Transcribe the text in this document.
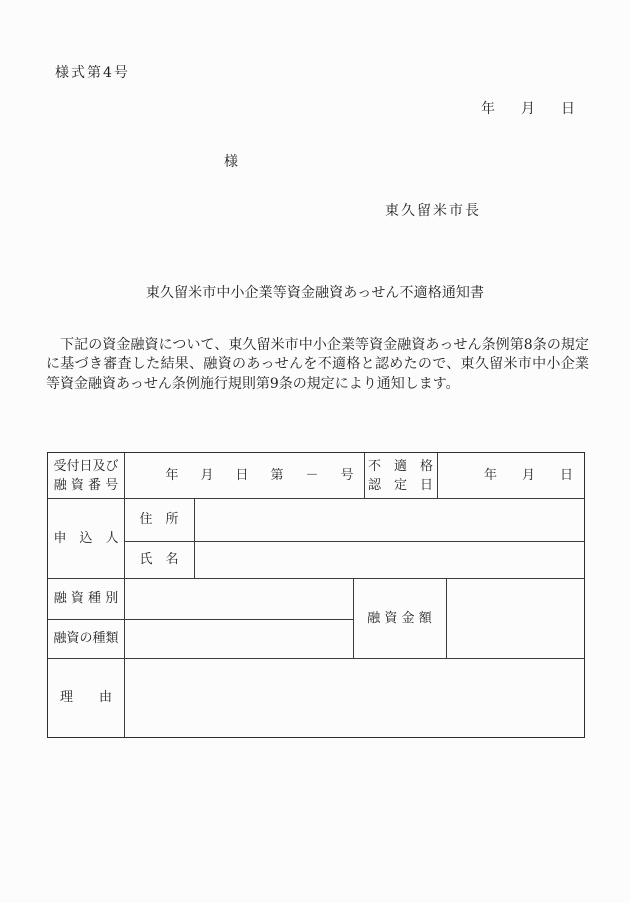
様式第4号
年　月　日
様
東久留米市長
東久留米市中小企業等資金融資あっせん不適格通知書
　下記の資金融資について、東久留米市中小企業等資金融資あっせん条例第8条の規定に基づき審査した結果、融資のあっせんを不適格と認めたので、東久留米市中小企業等資金融資あっせん条例施行規則第9条の規定により通知します。
受付日及び
融 資 番 号
年　月　日　第　－　号
不　適　格
認　定　日
年　月　日
申　込　人
住　所
氏　名
融 資 種 別
融 資 金 額
融資の種類
理　　由
